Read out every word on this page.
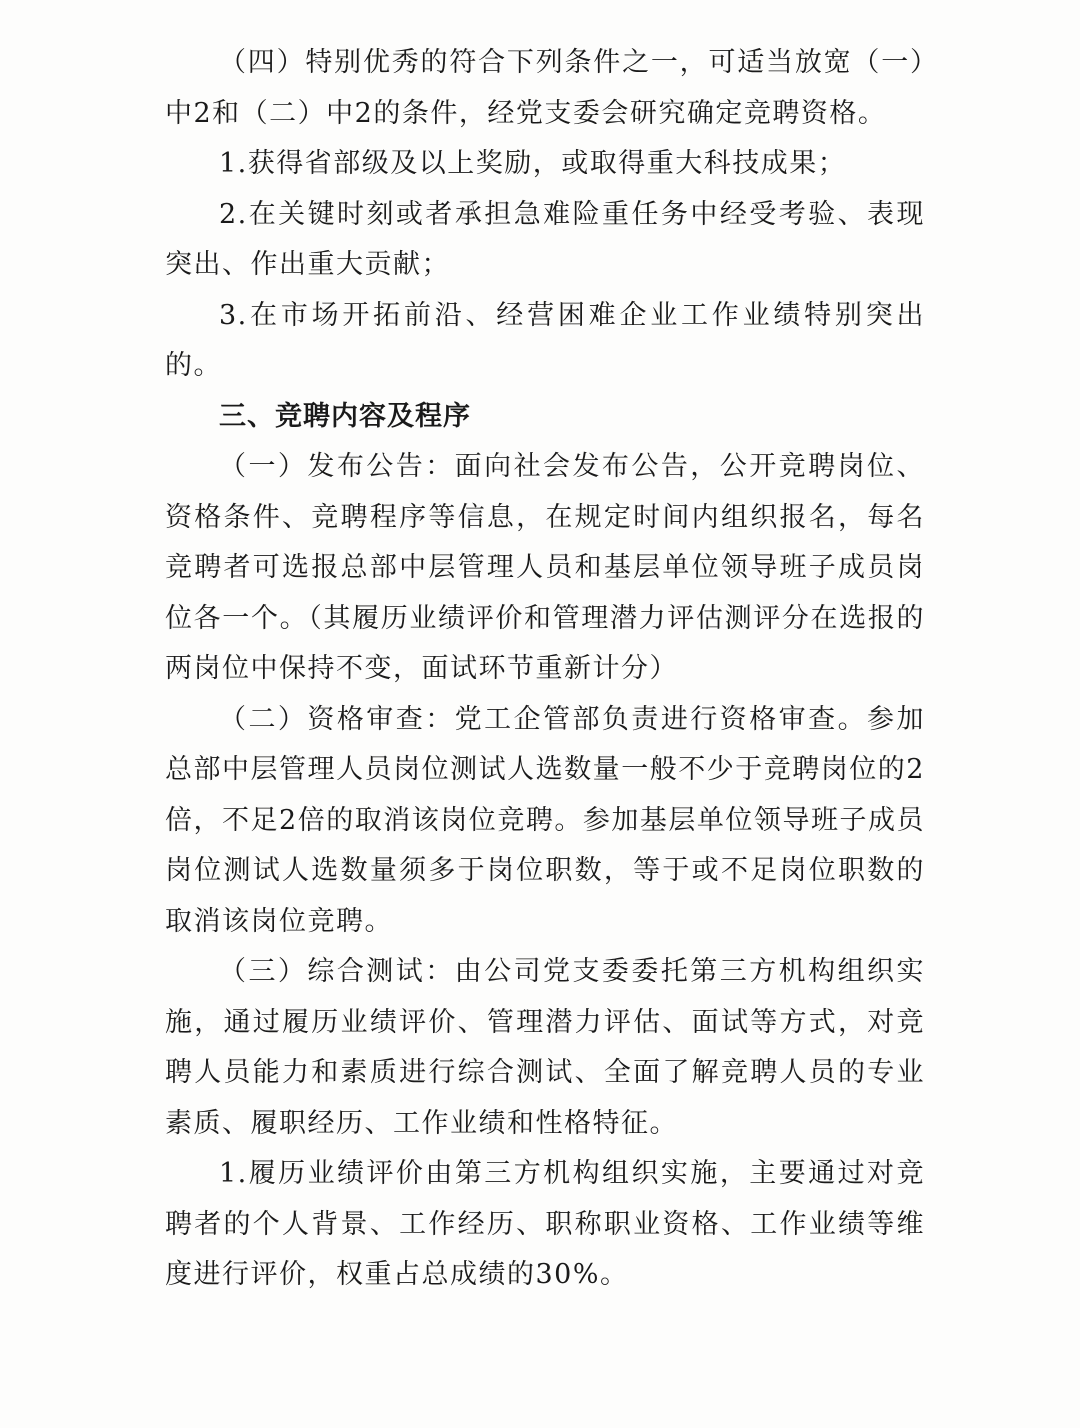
（四）特别优秀的符合下列条件之一，可适当放宽（一）中2和（二）中2的条件，经党支委会研究确定竞聘资格。

1.获得省部级及以上奖励，或取得重大科技成果；

2.在关键时刻或者承担急难险重任务中经受考验、表现突出、作出重大贡献；

3.在市场开拓前沿、经营困难企业工作业绩特别突出的。

三、竞聘内容及程序

（一）发布公告：面向社会发布公告，公开竞聘岗位、资格条件、竞聘程序等信息，在规定时间内组织报名，每名竞聘者可选报总部中层管理人员和基层单位领导班子成员岗位各一个。（其履历业绩评价和管理潜力评估测评分在选报的两岗位中保持不变，面试环节重新计分）

（二）资格审查：党工企管部负责进行资格审查。参加总部中层管理人员岗位测试人选数量一般不少于竞聘岗位的2倍，不足2倍的取消该岗位竞聘。参加基层单位领导班子成员岗位测试人选数量须多于岗位职数，等于或不足岗位职数的取消该岗位竞聘。

（三）综合测试：由公司党支委委托第三方机构组织实施，通过履历业绩评价、管理潜力评估、面试等方式，对竞聘人员能力和素质进行综合测试、全面了解竞聘人员的专业素质、履职经历、工作业绩和性格特征。

1.履历业绩评价由第三方机构组织实施，主要通过对竞聘者的个人背景、工作经历、职称职业资格、工作业绩等维度进行评价，权重占总成绩的30%。
